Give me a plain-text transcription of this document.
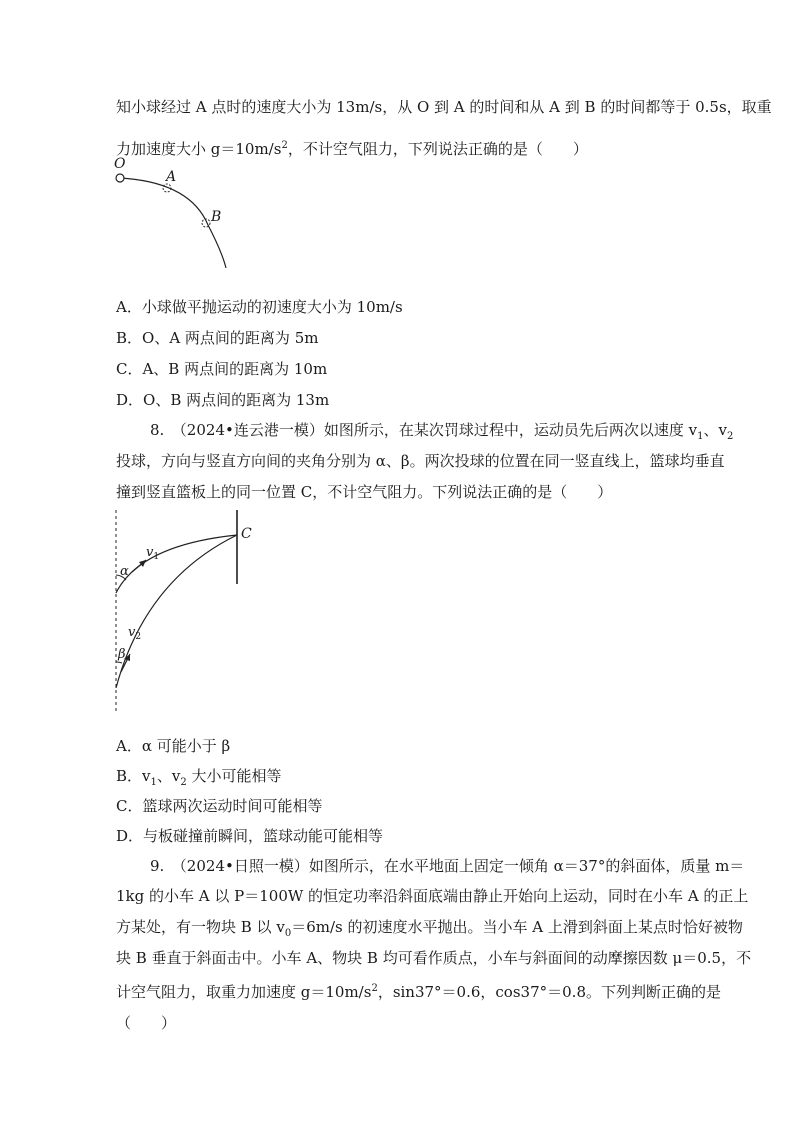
知小球经过 A 点时的速度大小为 13m/s，从 O 到 A 的时间和从 A 到 B 的时间都等于 0.5s，取重
力加速度大小 $g=10m/s^2$，不计空气阻力，下列说法正确的是（　　）
O
A
B
A．小球做平抛运动的初速度大小为 10m/s
B．O、A 两点间的距离为 5m
C．A、B 两点间的距离为 10m
D．O、B 两点间的距离为 13m
8.　（2024•连云港一模）如图所示，在某次罚球过程中，运动员先后两次以速度 $v_1$、$v_2$
投球，方向与竖直方向间的夹角分别为 α、β。两次投球的位置在同一竖直线上，篮球均垂直
撞到竖直篮板上的同一位置 C，不计空气阻力。下列说法正确的是（　　）
C
α
β
$v_1$
$v_2$
A．α 可能小于 β
B．$v_1$、$v_2$ 大小可能相等
C．篮球两次运动时间可能相等
D．与板碰撞前瞬间，篮球动能可能相等
9.　（2024•日照一模）如图所示，在水平地面上固定一倾角 α＝37°的斜面体，质量 m＝
1kg 的小车 A 以 P＝100W 的恒定功率沿斜面底端由静止开始向上运动，同时在小车 A 的正上
方某处，有一物块 B 以 $v_0=6m/s$ 的初速度水平抛出。当小车 A 上滑到斜面上某点时恰好被物
块 B 垂直于斜面击中。小车 A、物块 B 均可看作质点，小车与斜面间的动摩擦因数 μ＝0.5，不
计空气阻力，取重力加速度 $g=10m/s^2$，sin37°＝0.6，cos37°＝0.8。下列判断正确的是
（　　）
